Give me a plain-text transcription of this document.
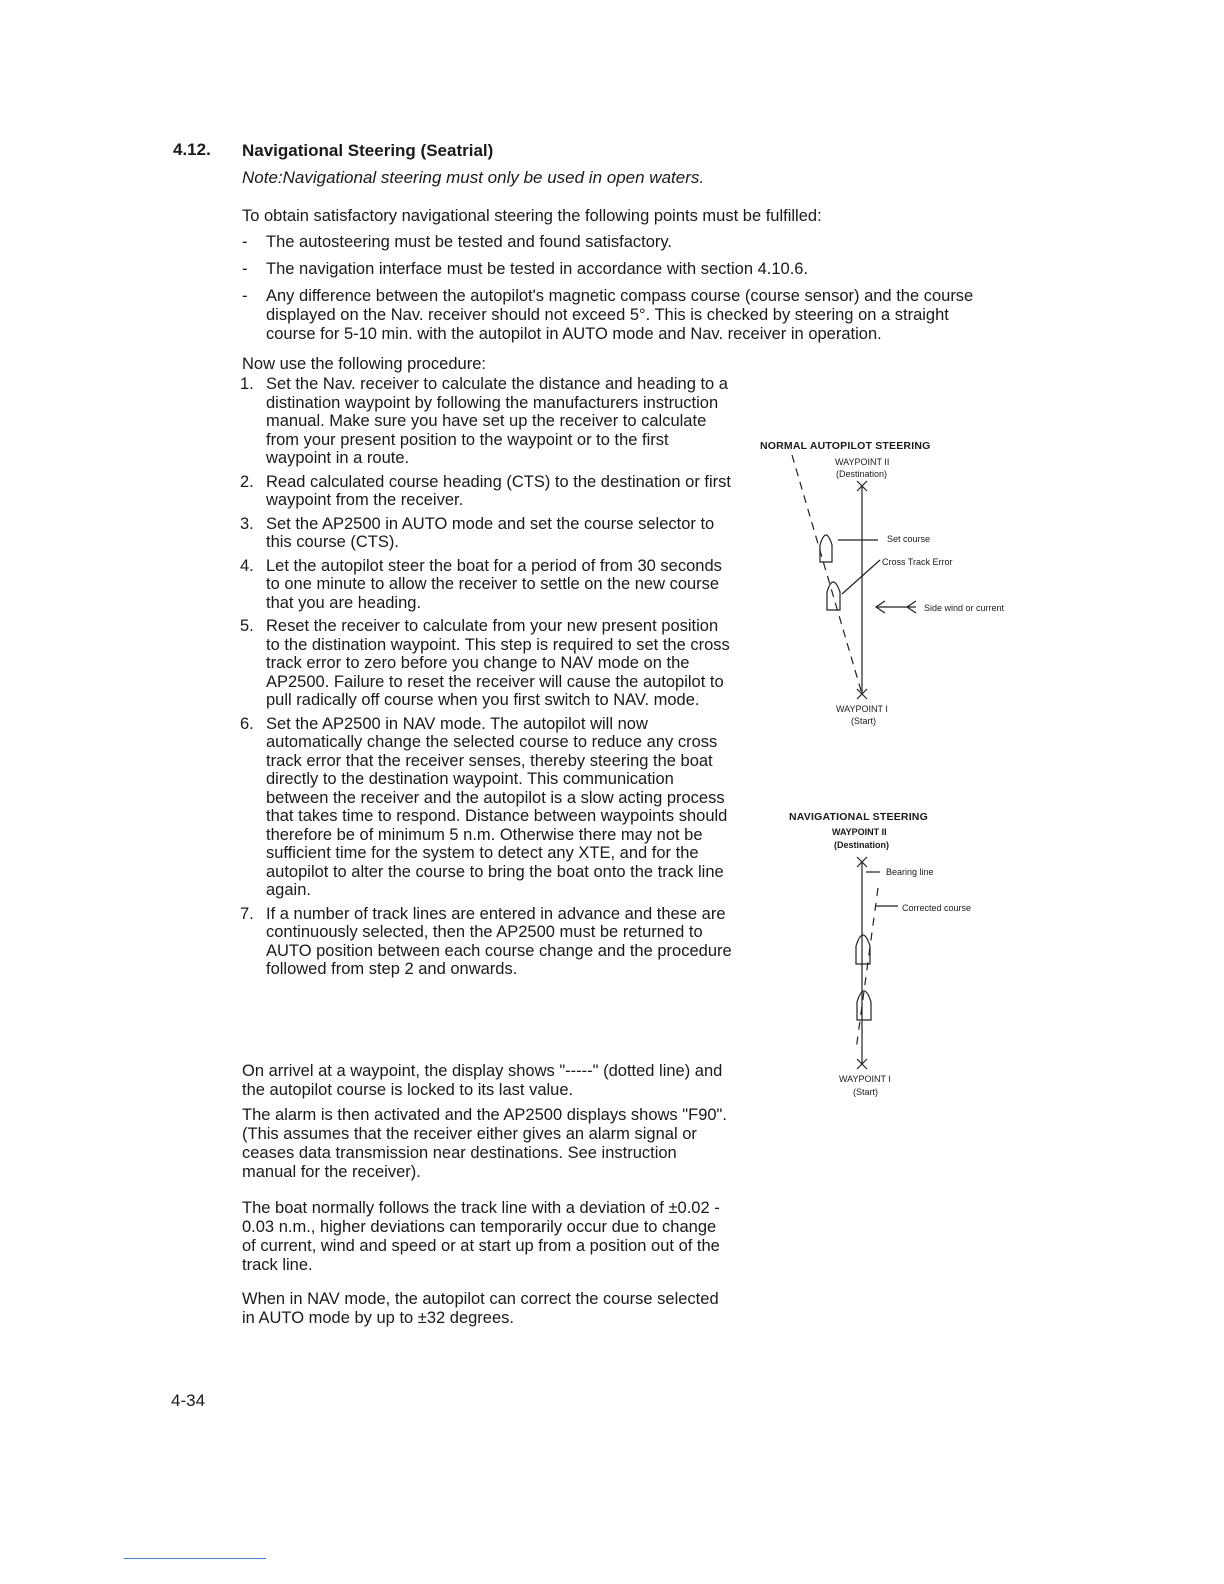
4.12. Navigational Steering (Seatrial)
Note:Navigational steering must only be used in open waters.
To obtain satisfactory navigational steering the following points must be fulfilled:
- The autosteering must be tested and found satisfactory.
- The navigation interface must be tested in accordance with section 4.10.6.
- Any difference between the autopilot's magnetic compass course (course sensor) and the course displayed on the Nav. receiver should not exceed 5°. This is checked by steering on a straight course for 5-10 min. with the autopilot in AUTO mode and Nav. receiver in operation.
Now use the following procedure:
1. Set the Nav. receiver to calculate the distance and heading to a distination waypoint by following the manufacturers instruction manual. Make sure you have set up the receiver to calculate from your present position to the waypoint or to the first waypoint in a route.
2. Read calculated course heading (CTS) to the destination or first waypoint from the receiver.
3. Set the AP2500 in AUTO mode and set the course selector to this course (CTS).
4. Let the autopilot steer the boat for a period of from 30 seconds to one minute to allow the receiver to settle on the new course that you are heading.
5. Reset the receiver to calculate from your new present position to the distination waypoint. This step is required to set the cross track error to zero before you change to NAV mode on the AP2500. Failure to reset the receiver will cause the autopilot to pull radically off course when you first switch to NAV. mode.
6. Set the AP2500 in NAV mode. The autopilot will now automatically change the selected course to reduce any cross track error that the receiver senses, thereby steering the boat directly to the destination waypoint. This communication between the receiver and the autopilot is a slow acting process that takes time to respond. Distance between waypoints should therefore be of minimum 5 n.m. Otherwise there may not be sufficient time for the system to detect any XTE, and for the autopilot to alter the course to bring the boat onto the track line again.
7. If a number of track lines are entered in advance and these are continuously selected, then the AP2500 must be returned to AUTO position between each course change and the procedure followed from step 2 and onwards.
On arrivel at a waypoint, the display shows "-----" (dotted line) and the autopilot course is locked to its last value.
The alarm is then activated and the AP2500 displays shows "F90". (This assumes that the receiver either gives an alarm signal or ceases data transmission near destinations. See instruction manual for the receiver).
The boat normally follows the track line with a deviation of ±0.02 - 0.03 n.m., higher deviations can temporarily occur due to change of current, wind and speed or at start up from a position out of the track line.
When in NAV mode, the autopilot can correct the course selected in AUTO mode by up to ±32 degrees.
NORMAL AUTOPILOT STEERING
WAYPOINT II
(Destination)
Set course
Cross Track Error
Side wind or current
WAYPOINT I
(Start)
NAVIGATIONAL STEERING
WAYPOINT II
(Destination)
Bearing line
Corrected course
WAYPOINT I
(Start)
4-34
